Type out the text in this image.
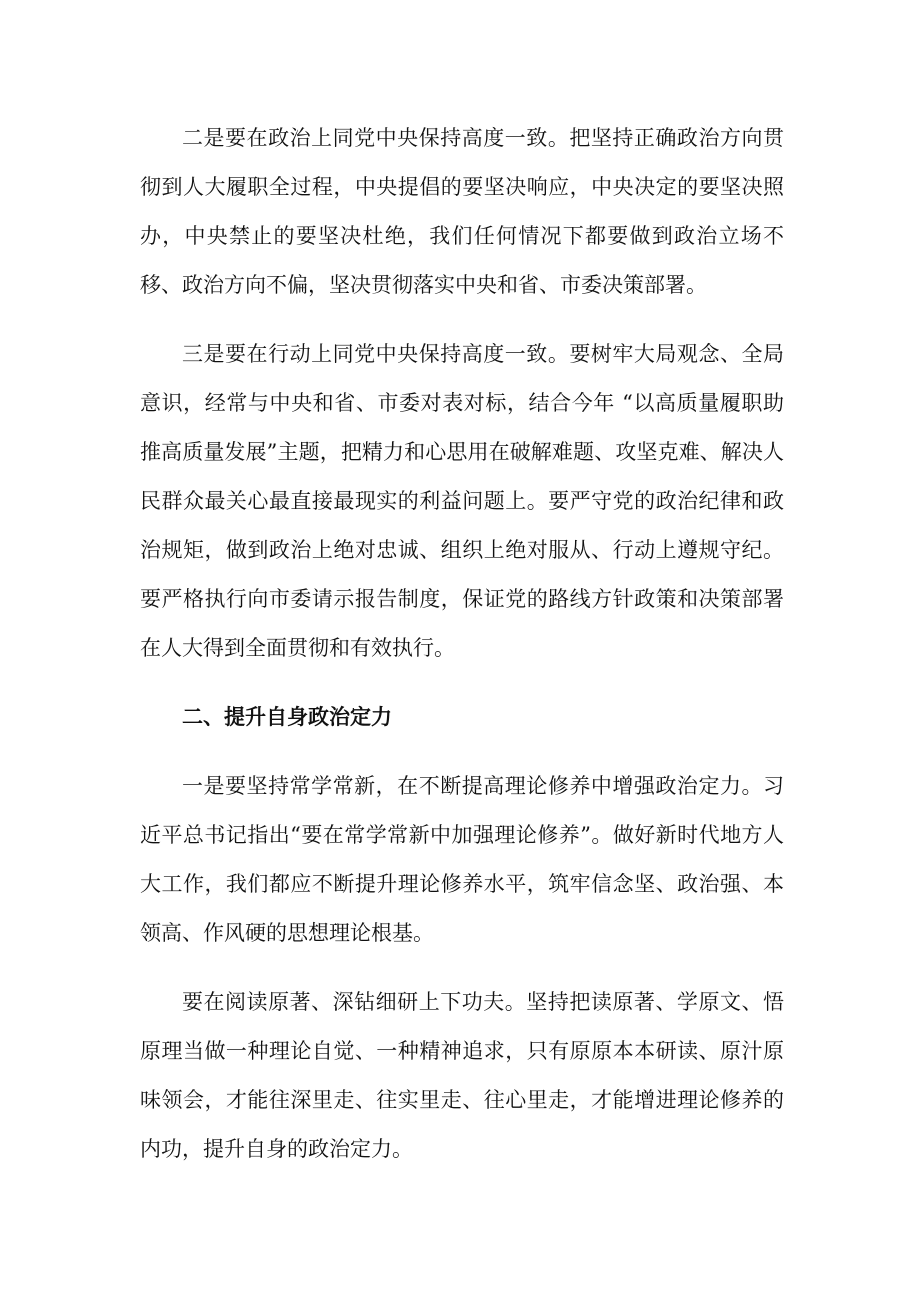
二是要在政治上同党中央保持高度一致。把坚持正确政治方向贯彻到人大履职全过程，中央提倡的要坚决响应，中央决定的要坚决照办，中央禁止的要坚决杜绝，我们任何情况下都要做到政治立场不移、政治方向不偏，坚决贯彻落实中央和省、市委决策部署。

三是要在行动上同党中央保持高度一致。要树牢大局观念、全局意识，经常与中央和省、市委对表对标，结合今年 “以高质量履职助推高质量发展”主题，把精力和心思用在破解难题、攻坚克难、解决人民群众最关心最直接最现实的利益问题上。要严守党的政治纪律和政治规矩，做到政治上绝对忠诚、组织上绝对服从、行动上遵规守纪。要严格执行向市委请示报告制度，保证党的路线方针政策和决策部署在人大得到全面贯彻和有效执行。

二、提升自身政治定力

一是要坚持常学常新，在不断提高理论修养中增强政治定力。习近平总书记指出“要在常学常新中加强理论修养”。做好新时代地方人大工作，我们都应不断提升理论修养水平，筑牢信念坚、政治强、本领高、作风硬的思想理论根基。

要在阅读原著、深钻细研上下功夫。坚持把读原著、学原文、悟原理当做一种理论自觉、一种精神追求，只有原原本本研读、原汁原味领会，才能往深里走、往实里走、往心里走，才能增进理论修养的内功，提升自身的政治定力。
